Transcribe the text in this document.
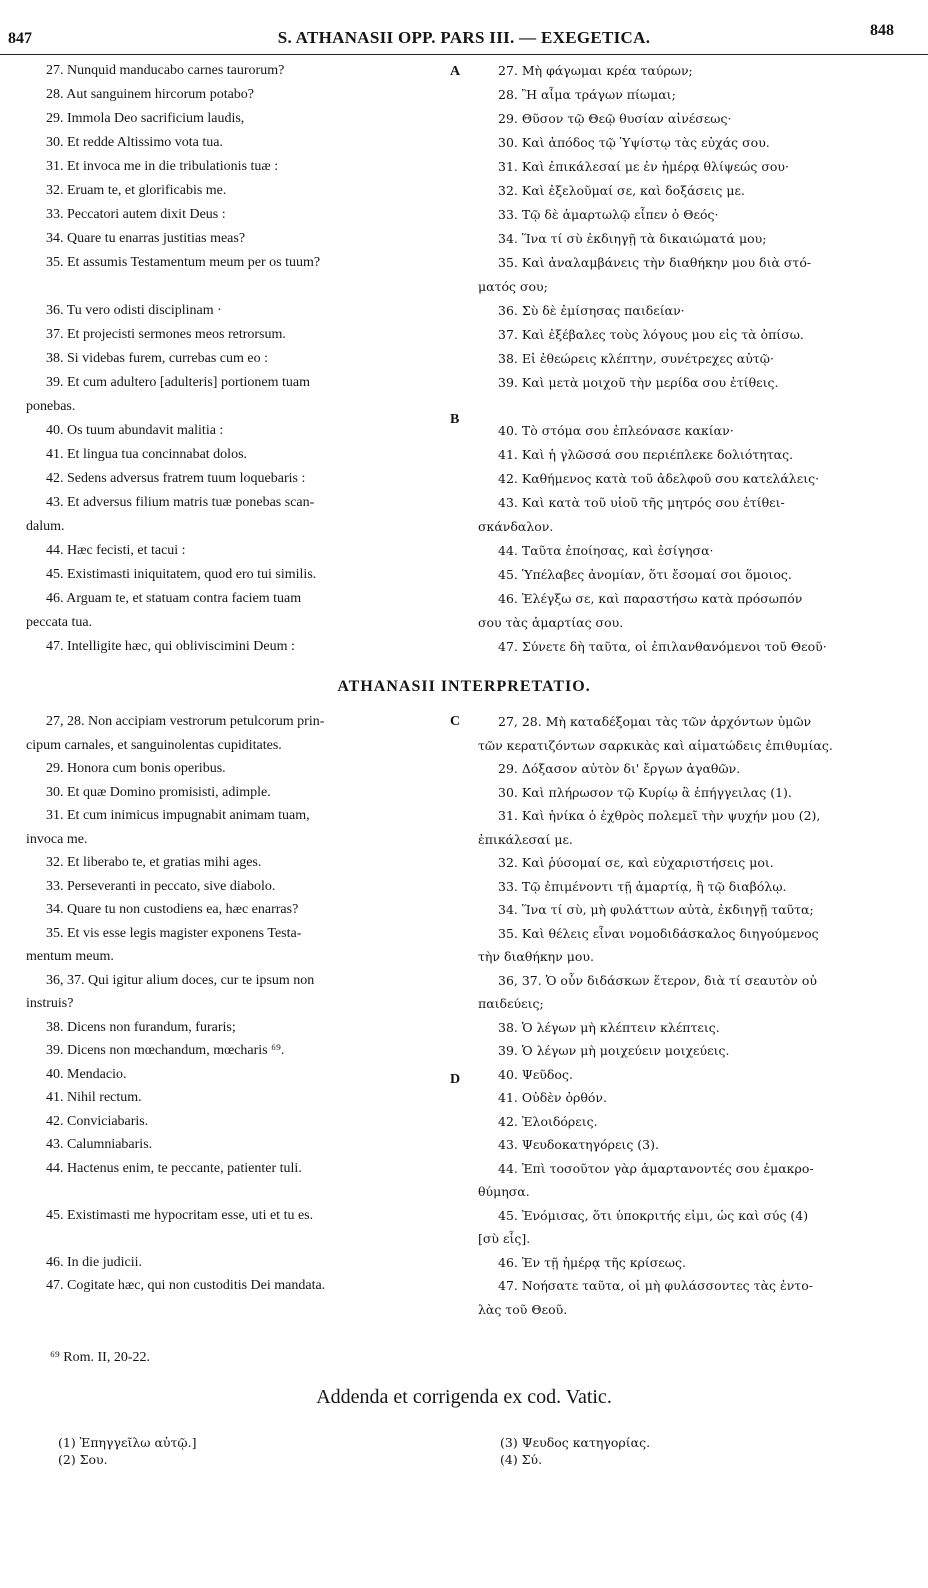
847	S. ATHANASII OPP. PARS III. — EXEGETICA.	848
27. Nunquid manducabo carnes taurorum?	27. Μὴ φάγωμαι κρέα ταύρων;
28. Aut sanguinem hircorum potabo?	28. Ἢ αἷμα τράγων πίωμαι;
29. Immola Deo sacrificium laudis,	29. Θῦσον τῷ Θεῷ θυσίαν αἰνέσεως·
30. Et redde Altissimo vota tua.	30. Καὶ ἀπόδος τῷ Ὑψίστῳ τὰς εὐχάς σου.
31. Et invoca me in die tribulationis tuæ :	31. Καὶ ἐπικάλεσαί με ἐν ἡμέρᾳ θλίψεώς σου·
32. Eruam te, et glorificabis me.	32. Καὶ ἐξελοῦμαί σε, καὶ δοξάσεις με.
33. Peccatori autem dixit Deus :	33. Τῷ δὲ ἁμαρτωλῷ εἶπεν ὁ Θεός·
34. Quare tu enarras justitias meas?	34. Ἵνα τί σὺ ἐκδιηγῇ τὰ δικαιώματά μου;
35. Et assumis Testamentum meum per os tuum?	35. Καὶ ἀναλαμβάνεις τὴν διαθήκην μου διὰ στό-
ματός σου;
36. Tu vero odisti disciplinam ·	36. Σὺ δὲ ἐμίσησας παιδείαν·
37. Et projecisti sermones meos retrorsum.	37. Καὶ ἐξέβαλες τοὺς λόγους μου εἰς τὰ ὀπίσω.
38. Si videbas furem, currebas cum eo :	38. Εἰ ἐθεώρεις κλέπτην, συνέτρεχες αὐτῷ·
39. Et cum adultero [adulteris] portionem tuam	39. Καὶ μετὰ μοιχοῦ τὴν μερίδα σου ἐτίθεις.
ponebas.
40. Os tuum abundavit malitia :	40. Τὸ στόμα σου ἐπλεόνασε κακίαν·
41. Et lingua tua concinnabat dolos.	41. Καὶ ἡ γλῶσσά σου περιέπλεκε δολιότητας.
42. Sedens adversus fratrem tuum loquebaris :	42. Καθήμενος κατὰ τοῦ ἀδελφοῦ σου κατελάλεις·
43. Et adversus filium matris tuæ ponebas scan-	43. Καὶ κατὰ τοῦ υἱοῦ τῆς μητρός σου ἐτίθει-
dalum.	σκάνδαλον.
44. Hæc fecisti, et tacui :	44. Ταῦτα ἐποίησας, καὶ ἐσίγησα·
45. Existimasti iniquitatem, quod ero tui similis.	45. Ὑπέλαβες ἀνομίαν, ὅτι ἔσομαί σοι ὅμοιος.
46. Arguam te, et statuam contra faciem tuam	46. Ἐλέγξω σε, καὶ παραστήσω κατὰ πρόσωπόν
peccata tua.	σου τὰς ἁμαρτίας σου.
47. Intelligite hæc, qui obliviscimini Deum :	47. Σύνετε δὴ ταῦτα, οἱ ἐπιλανθανόμενοι τοῦ Θεοῦ·
A
B
ATHANASII INTERPRETATIO.
27, 28. Non accipiam vestrorum petulcorum prin-	27, 28. Μὴ καταδέξομαι τὰς τῶν ἀρχόντων ὑμῶν
cipum carnales, et sanguinolentas cupiditates.	τῶν κερατιζόντων σαρκικὰς καὶ αἱματώδεις ἐπιθυμίας.
29. Honora cum bonis operibus.	29. Δόξασον αὐτὸν δι' ἔργων ἀγαθῶν.
30. Et quæ Domino promisisti, adimple.	30. Καὶ πλήρωσον τῷ Κυρίῳ ἃ ἐπήγγειλας (1).
31. Et cum inimicus impugnabit animam tuam,	31. Καὶ ἡνίκα ὁ ἐχθρὸς πολεμεῖ τὴν ψυχήν μου (2),
invoca me.	ἐπικάλεσαί με.
32. Et liberabo te, et gratias mihi ages.	32. Καὶ ῥύσομαί σε, καὶ εὐχαριστήσεις μοι.
33. Perseveranti in peccato, sive diabolo.	33. Τῷ ἐπιμένοντι τῇ ἁμαρτίᾳ, ἢ τῷ διαβόλῳ.
34. Quare tu non custodiens ea, hæc enarras?	34. Ἵνα τί σὺ, μὴ φυλάττων αὐτὰ, ἐκδιηγῇ ταῦτα;
35. Et vis esse legis magister exponens Testa-	35. Καὶ θέλεις εἶναι νομοδιδάσκαλος διηγούμενος
mentum meum.	τὴν διαθήκην μου.
36, 37. Qui igitur alium doces, cur te ipsum non	36, 37. Ὁ οὖν διδάσκων ἕτερον, διὰ τί σεαυτὸν οὐ
instruis?	παιδεύεις;
38. Dicens non furandum, furaris;	38. Ὁ λέγων μὴ κλέπτειν κλέπτεις.
39. Dicens non mœchandum, mœcharis ⁶⁹.	39. Ὁ λέγων μὴ μοιχεύειν μοιχεύεις.
40. Mendacio.	40. Ψεῦδος.
41. Nihil rectum.	41. Οὐδὲν ὀρθόν.
42. Conviciabaris.	42. Ἐλοιδόρεις.
43. Calumniabaris.	43. Ψευδοκατηγόρεις (3).
44. Hactenus enim, te peccante, patienter tuli.	44. Ἐπὶ τοσοῦτον γὰρ ἁμαρτανοντές σου ἐμακρο-
θύμησα.
45. Existimasti me hypocritam esse, uti et tu es.	45. Ἐνόμισας, ὅτι ὑποκριτής εἰμι, ὡς καὶ σύς (4)
[σὺ εἶς].
46. In die judicii.	46. Ἐν τῇ ἡμέρᾳ τῆς κρίσεως.
47. Cogitate hæc, qui non custoditis Dei mandata.	47. Νοήσατε ταῦτα, οἱ μὴ φυλάσσοντες τὰς ἐντο-
λὰς τοῦ Θεοῦ.
C
D
⁶⁹ Rom. II, 20-22.
Addenda et corrigenda ex cod. Vatic.
(1) Ἐπηγγεῖλω αὐτῷ.]
(2) Σου.
(3) Ψευδος κατηγορίας.
(4) Σύ.
